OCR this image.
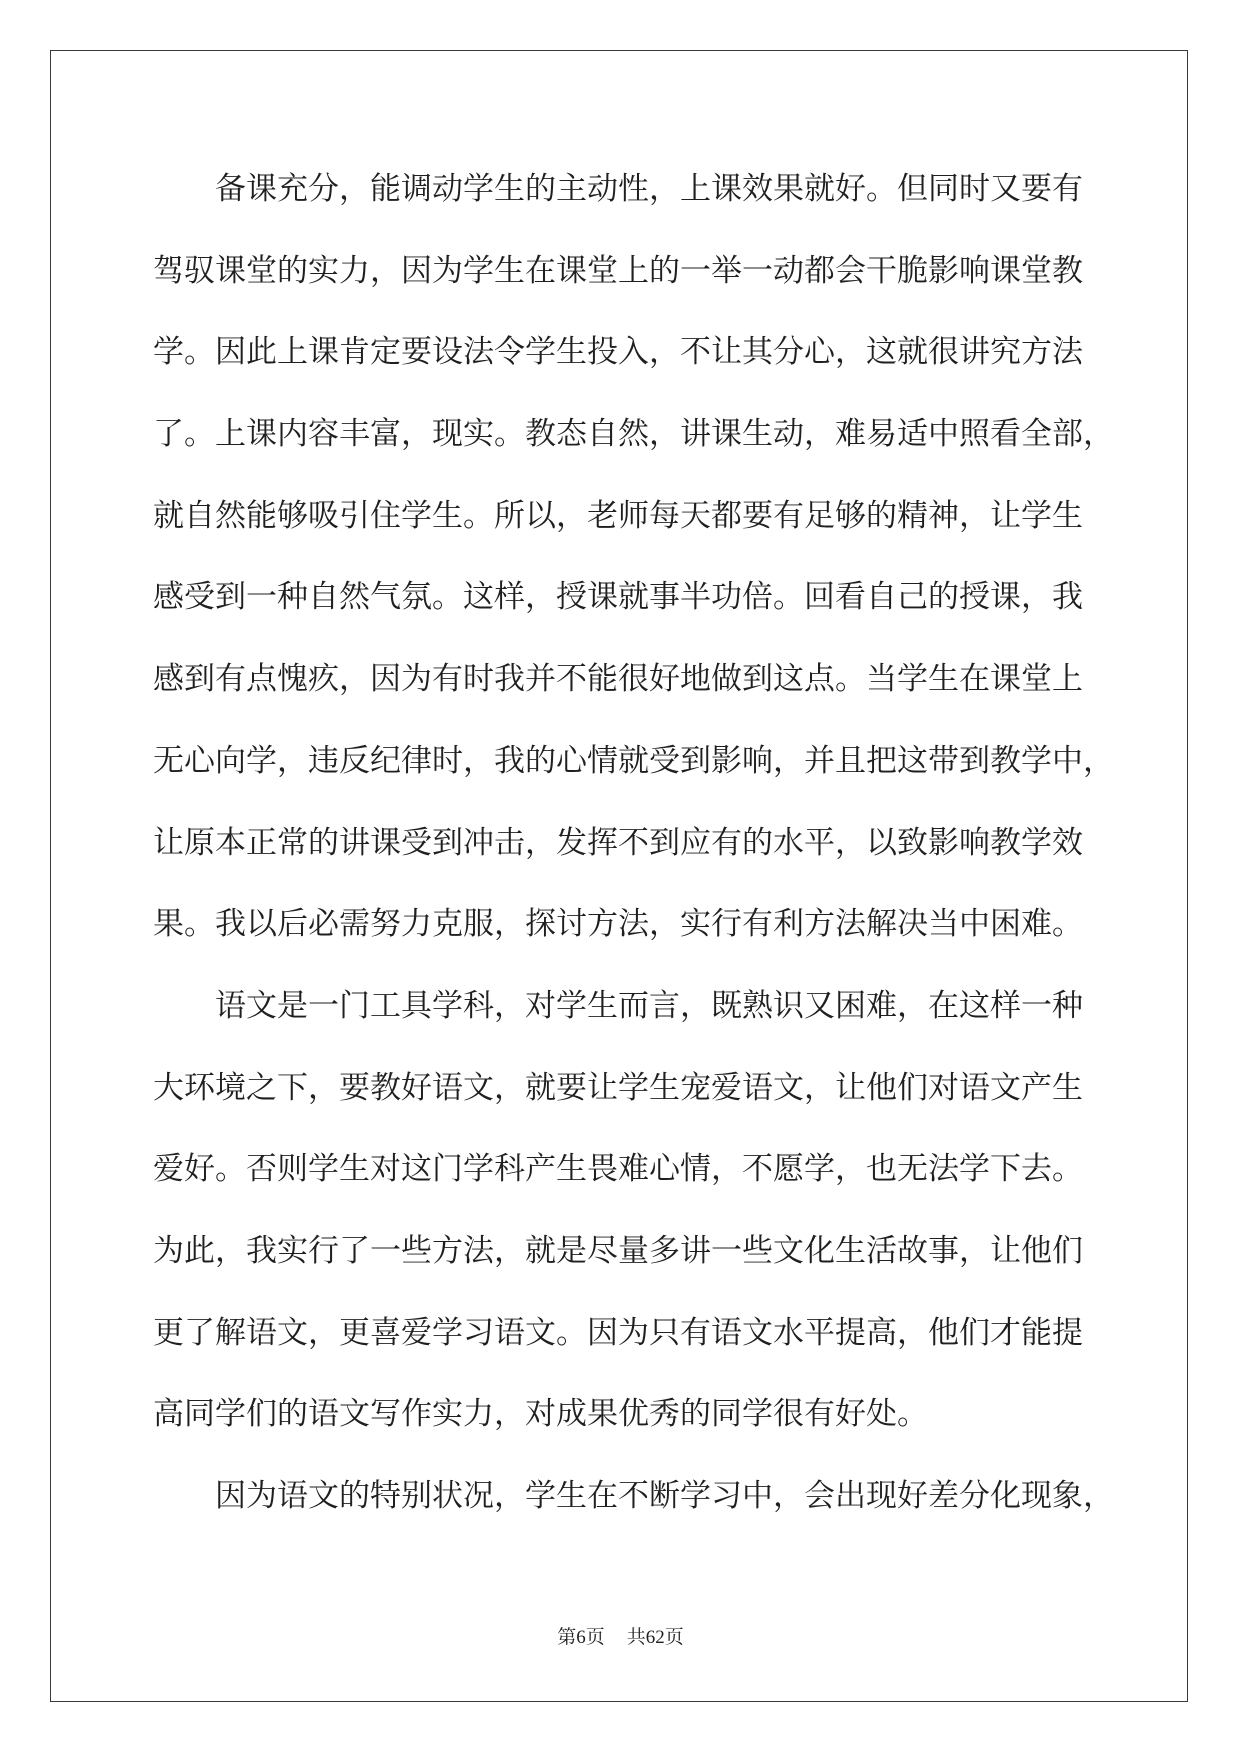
备课充分，能调动学生的主动性，上课效果就好。但同时又要有
驾驭课堂的实力，因为学生在课堂上的一举一动都会干脆影响课堂教
学。因此上课肯定要设法令学生投入，不让其分心，这就很讲究方法
了。上课内容丰富，现实。教态自然，讲课生动，难易适中照看全部，
就自然能够吸引住学生。所以，老师每天都要有足够的精神，让学生
感受到一种自然气氛。这样，授课就事半功倍。回看自己的授课，我
感到有点愧疚，因为有时我并不能很好地做到这点。当学生在课堂上
无心向学，违反纪律时，我的心情就受到影响，并且把这带到教学中，
让原本正常的讲课受到冲击，发挥不到应有的水平，以致影响教学效
果。我以后必需努力克服，探讨方法，实行有利方法解决当中困难。
语文是一门工具学科，对学生而言，既熟识又困难，在这样一种
大环境之下，要教好语文，就要让学生宠爱语文，让他们对语文产生
爱好。否则学生对这门学科产生畏难心情，不愿学，也无法学下去。
为此，我实行了一些方法，就是尽量多讲一些文化生活故事，让他们
更了解语文，更喜爱学习语文。因为只有语文水平提高，他们才能提
高同学们的语文写作实力，对成果优秀的同学很有好处。
因为语文的特别状况，学生在不断学习中，会出现好差分化现象，
第6页 共62页
